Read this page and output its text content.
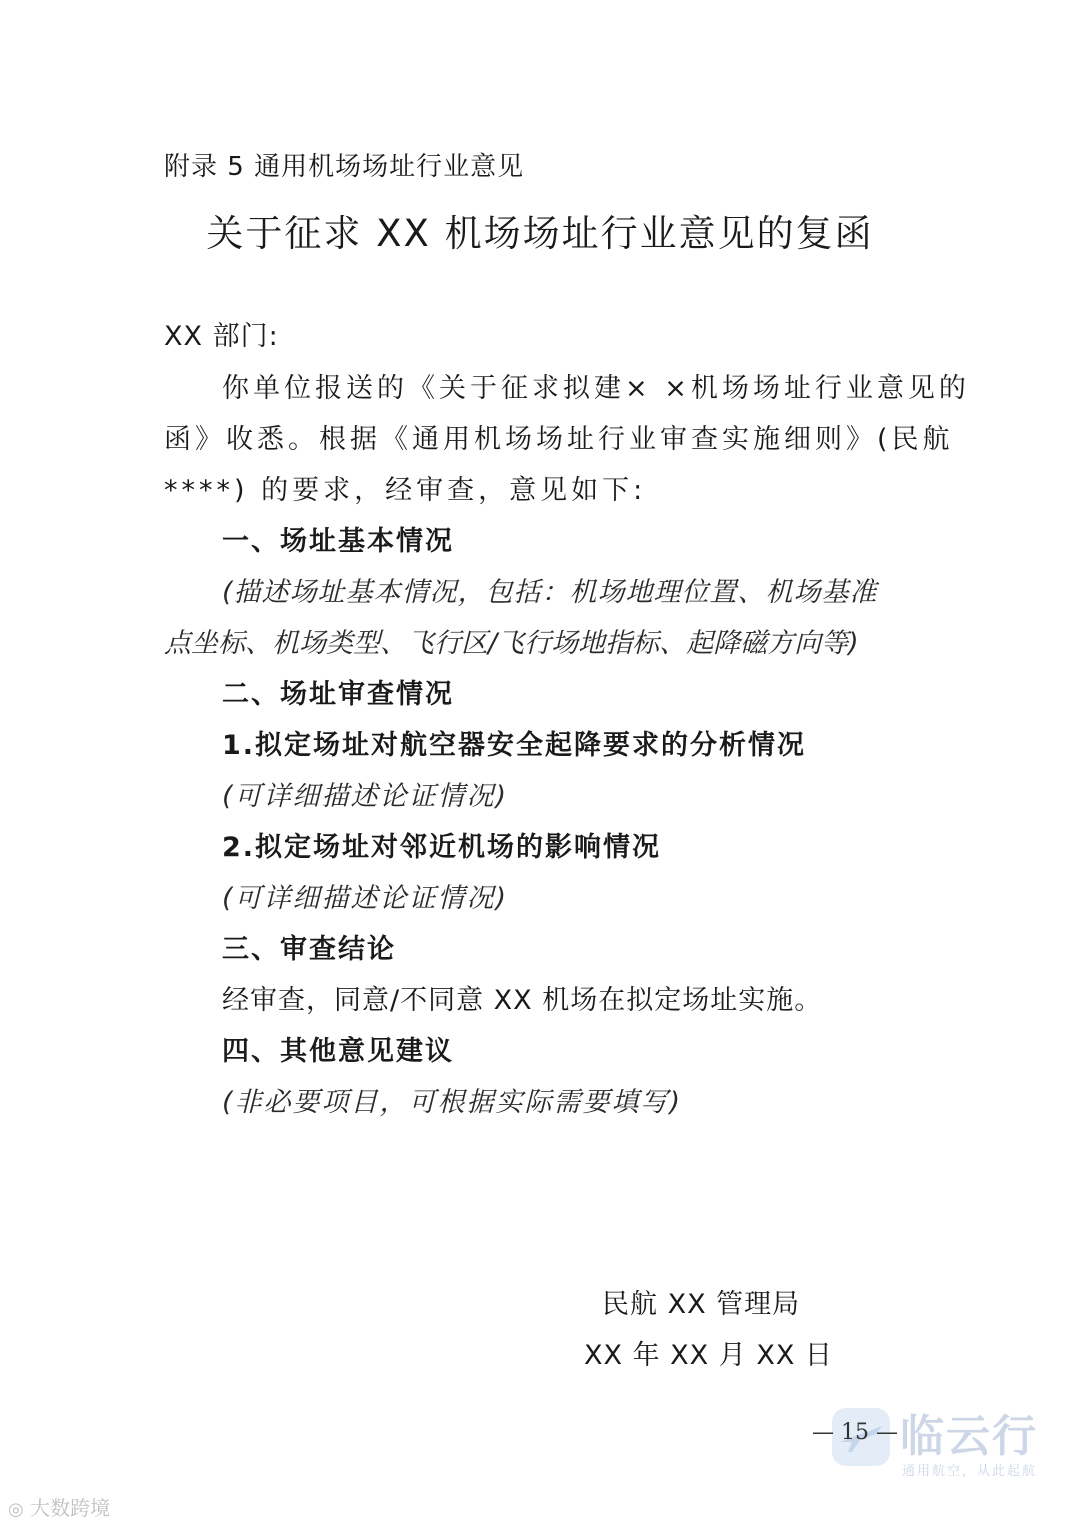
附录 5 通用机场场址行业意见
关于征求 XX 机场场址行业意见的复函
XX 部门:
你单位报送的《关于征求拟建× ×机场场址行业意见的
函》收悉。根据《通用机场场址行业审查实施细则》(民航
****) 的要求，经审查，意见如下:
一、场址基本情况
(描述场址基本情况，包括：机场地理位置、机场基准
点坐标、机场类型、飞行区/飞行场地指标、起降磁方向等)
二、场址审查情况
1.拟定场址对航空器安全起降要求的分析情况
(可详细描述论证情况)
2.拟定场址对邻近机场的影响情况
(可详细描述论证情况)
三、审查结论
经审查，同意/不同意 XX 机场在拟定场址实施。
四、其他意见建议
(非必要项目，可根据实际需要填写)
民航 XX 管理局
XX 年 XX 月 XX 日
— 15 — 临云行
通用航空，从此起航
◎ 大数跨境
